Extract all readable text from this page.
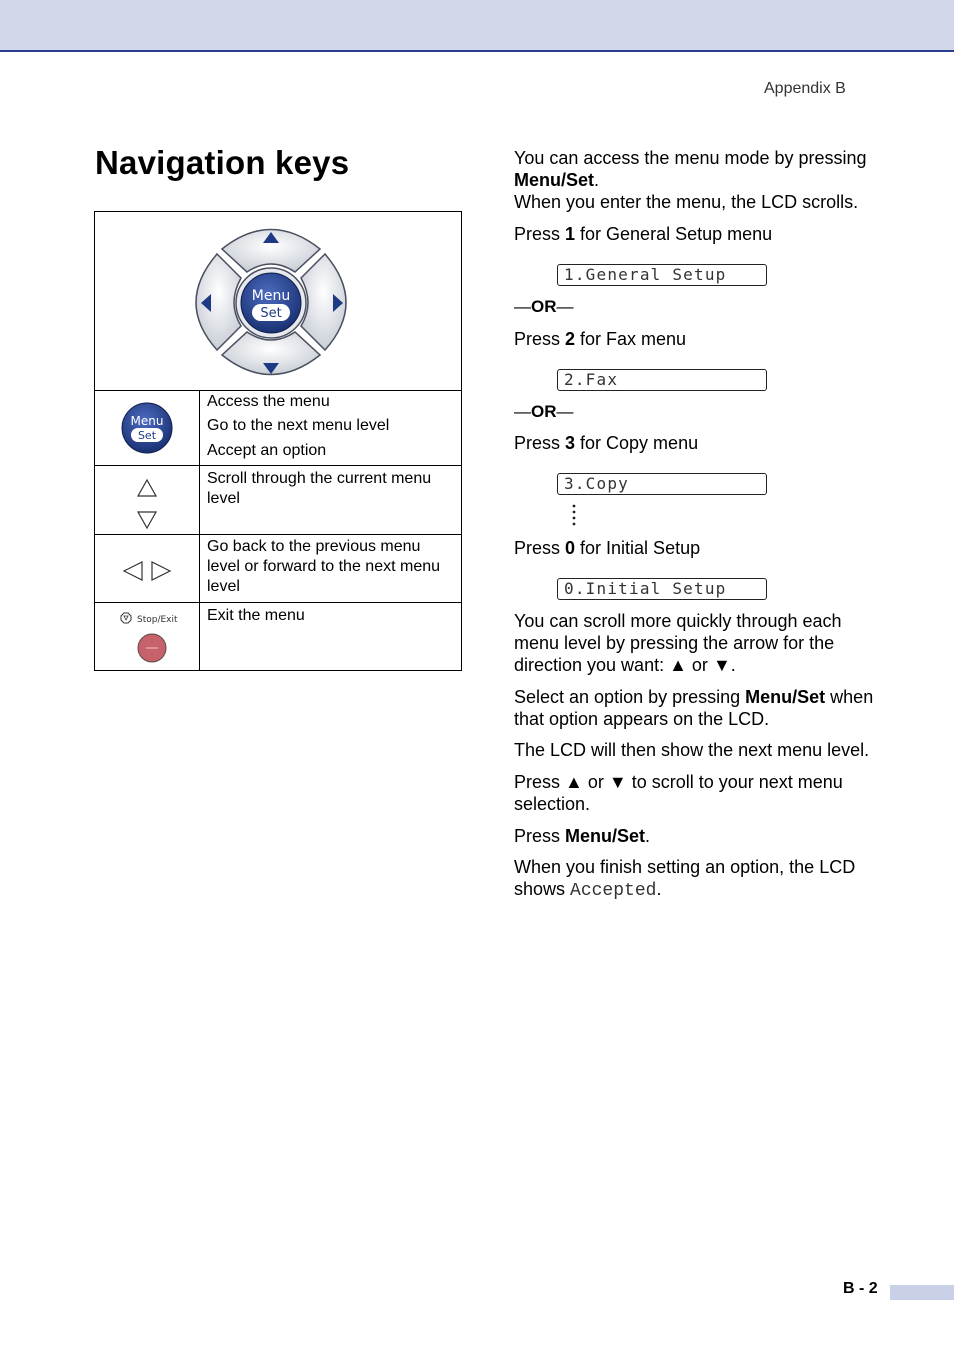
Appendix B
Navigation keys
Menu
Set
Menu
Set
Access the menu
Go to the next menu level
Accept an option
Scroll through the current menu level
Go back to the previous menu level or forward to the next menu level
Stop/Exit Exit the menu
You can access the menu mode by pressing Menu/Set.
When you enter the menu, the LCD scrolls.
Press 1 for General Setup menu
1.General Setup
—OR—
Press 2 for Fax menu
2.Fax
—OR—
Press 3 for Copy menu
3.Copy
Press 0 for Initial Setup
0.Initial Setup
You can scroll more quickly through each menu level by pressing the arrow for the direction you want: ▲ or ▼.
Select an option by pressing Menu/Set when that option appears on the LCD.
The LCD will then show the next menu level.
Press ▲ or ▼ to scroll to your next menu selection.
Press Menu/Set.
When you finish setting an option, the LCD shows Accepted.
B - 2
